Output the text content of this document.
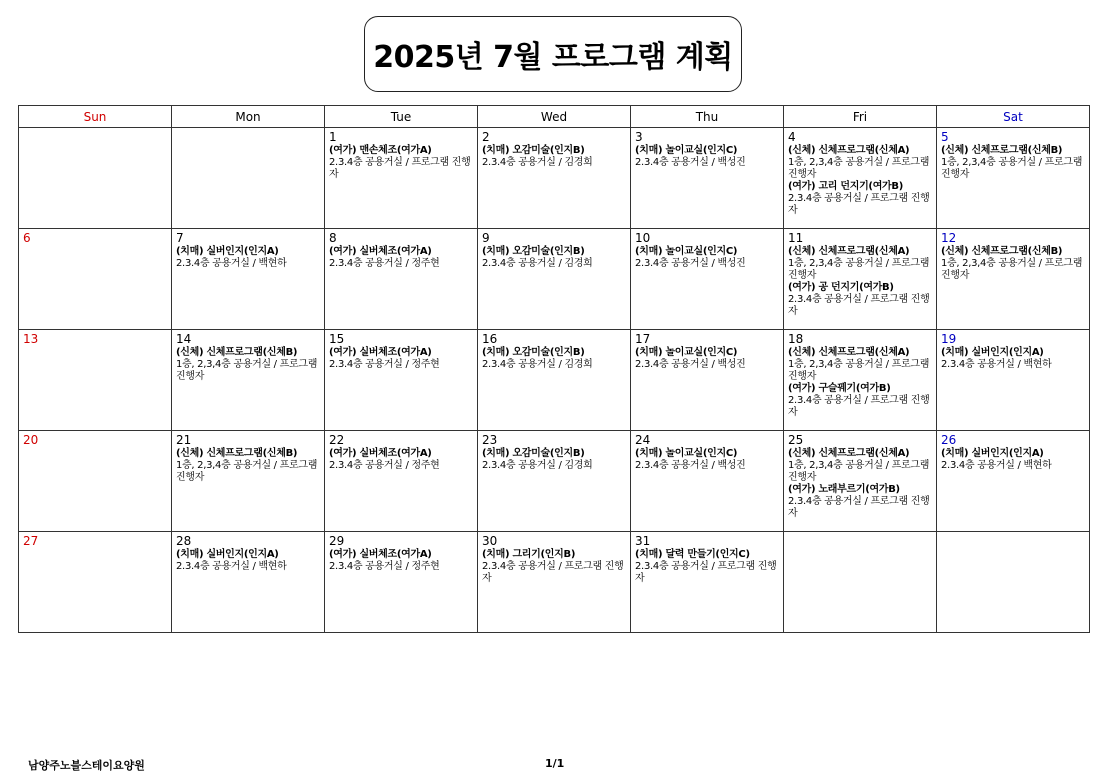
2025년 7월 프로그램 계획
Sun	Mon	Tue	Wed	Thu	Fri	Sat

		1
(여가) 맨손체조(여가A)
2.3.4층 공용거실 / 프로그램 진행자	2
(치매) 오감미술(인지B)
2.3.4층 공용거실 / 김경희	3
(치매) 놀이교실(인지C)
2.3.4층 공용거실 / 백성진	4
(신체) 신체프로그램(신체A)
1층, 2,3,4층 공용거실 / 프로그램 진행자
(여가) 고리 던지기(여가B)
2.3.4층 공용거실 / 프로그램 진행자	5
(신체) 신체프로그램(신체B)
1층, 2,3,4층 공용거실 / 프로그램 진행자

6	7
(치매) 실버인지(인지A)
2.3.4층 공용거실 / 백현하	8
(여가) 실버체조(여가A)
2.3.4층 공용거실 / 정주현	9
(치매) 오감미술(인지B)
2.3.4층 공용거실 / 김경희	10
(치매) 놀이교실(인지C)
2.3.4층 공용거실 / 백성진	11
(신체) 신체프로그램(신체A)
1층, 2,3,4층 공용거실 / 프로그램 진행자
(여가) 공 던지기(여가B)
2.3.4층 공용거실 / 프로그램 진행자	12
(신체) 신체프로그램(신체B)
1층, 2,3,4층 공용거실 / 프로그램 진행자

13	14
(신체) 신체프로그램(신체B)
1층, 2,3,4층 공용거실 / 프로그램 진행자	15
(여가) 실버체조(여가A)
2.3.4층 공용거실 / 정주현	16
(치매) 오감미술(인지B)
2.3.4층 공용거실 / 김경희	17
(치매) 놀이교실(인지C)
2.3.4층 공용거실 / 백성진	18
(신체) 신체프로그램(신체A)
1층, 2,3,4층 공용거실 / 프로그램 진행자
(여가) 구슬꿰기(여가B)
2.3.4층 공용거실 / 프로그램 진행자	19
(치매) 실버인지(인지A)
2.3.4층 공용거실 / 백현하

20	21
(신체) 신체프로그램(신체B)
1층, 2,3,4층 공용거실 / 프로그램 진행자	22
(여가) 실버체조(여가A)
2.3.4층 공용거실 / 정주현	23
(치매) 오감미술(인지B)
2.3.4층 공용거실 / 김경희	24
(치매) 놀이교실(인지C)
2.3.4층 공용거실 / 백성진	25
(신체) 신체프로그램(신체A)
1층, 2,3,4층 공용거실 / 프로그램 진행자
(여가) 노래부르기(여가B)
2.3.4층 공용거실 / 프로그램 진행자	26
(치매) 실버인지(인지A)
2.3.4층 공용거실 / 백현하

27	28
(치매) 실버인지(인지A)
2.3.4층 공용거실 / 백현하	29
(여가) 실버체조(여가A)
2.3.4층 공용거실 / 정주현	30
(치매) 그리기(인지B)
2.3.4층 공용거실 / 프로그램 진행자	31
(치매) 달력 만들기(인지C)
2.3.4층 공용거실 / 프로그램 진행자		

남양주노블스테이요양원	1/1
